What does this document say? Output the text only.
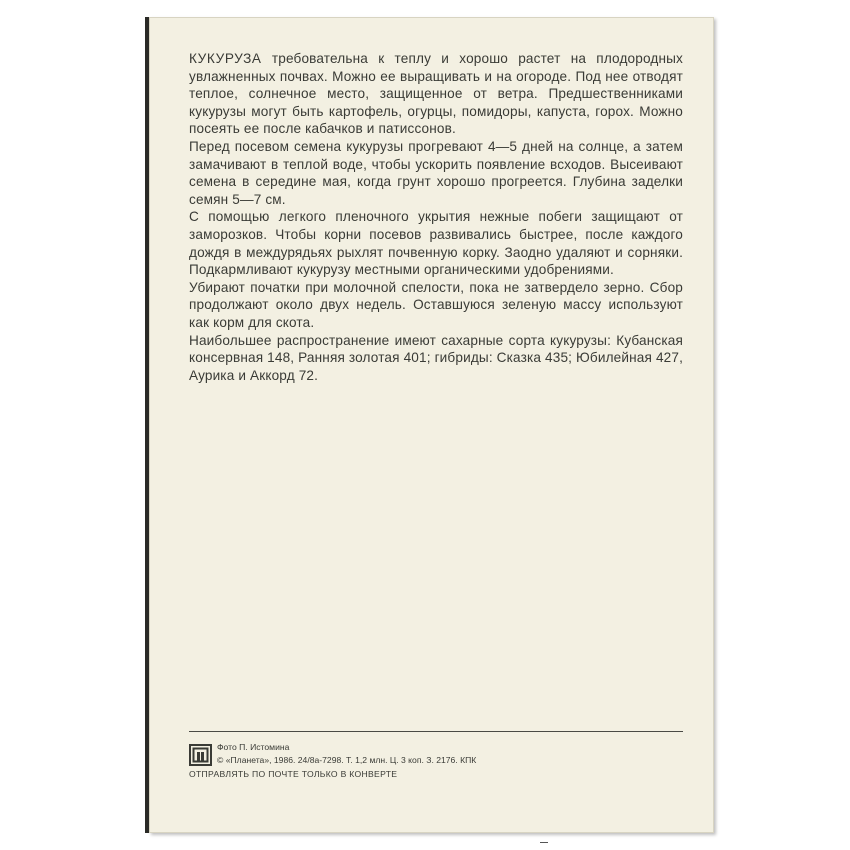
КУКУРУЗА требовательна к теплу и хорошо растет на плодородных увлажненных почвах. Можно ее выращивать и на огороде. Под нее отводят теплое, солнечное место, защищенное от ветра. Предшественниками кукурузы могут быть картофель, огурцы, помидоры, капуста, горох. Можно посеять ее после кабачков и патиссонов.

Перед посевом семена кукурузы прогревают 4—5 дней на солнце, а затем замачивают в теплой воде, чтобы ускорить появление всходов. Высеивают семена в середине мая, когда грунт хорошо прогреется. Глубина заделки семян 5—7 см.

С помощью легкого пленочного укрытия нежные побеги защищают от заморозков. Чтобы корни посевов развивались быстрее, после каждого дождя в междурядьях рыхлят почвенную корку. Заодно удаляют и сорняки. Подкармливают кукурузу местными органическими удобрениями.

Убирают початки при молочной спелости, пока не затвердело зерно. Сбор продолжают около двух недель. Оставшуюся зеленую массу используют как корм для скота.

Наибольшее распространение имеют сахарные сорта кукурузы: Кубанская консервная 148, Ранняя золотая 401; гибриды: Сказка 435; Юбилейная 427, Аурика и Аккорд 72.

Фото П. Истомина
© «Планета», 1986. 24/8а-7298. Т. 1,2 млн. Ц. 3 коп. З. 2176. КПК
ОТПРАВЛЯТЬ ПО ПОЧТЕ ТОЛЬКО В КОНВЕРТЕ
